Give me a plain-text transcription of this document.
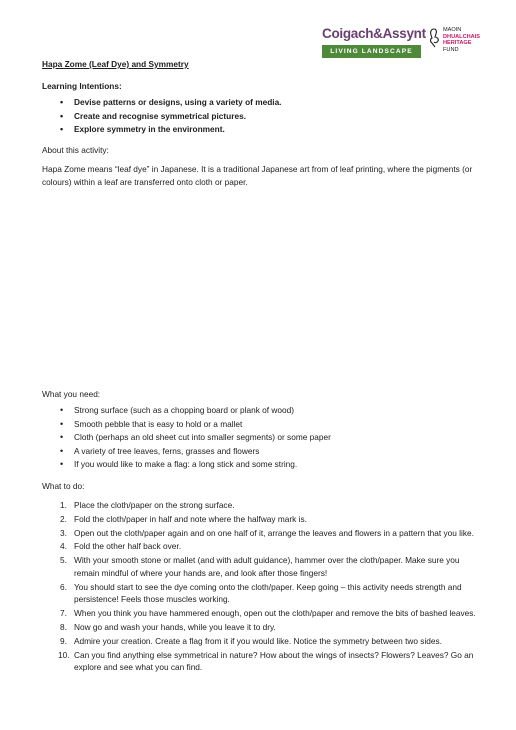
Coigach&Assynt
LIVING LANDSCAPE
MAOIN
DHUALCHAIS
HERITAGE
FUND
Hapa Zome (Leaf Dye) and Symmetry
Learning Intentions:
• Devise patterns or designs, using a variety of media.
• Create and recognise symmetrical pictures.
• Explore symmetry in the environment.
About this activity:
Hapa Zome means “leaf dye” in Japanese. It is a traditional Japanese art from of leaf printing, where the pigments (or colours) within a leaf are transferred onto cloth or paper.
What you need:
• Strong surface (such as a chopping board or plank of wood)
• Smooth pebble that is easy to hold or a mallet
• Cloth (perhaps an old sheet cut into smaller segments) or some paper
• A variety of tree leaves, ferns, grasses and flowers
• If you would like to make a flag: a long stick and some string.
What to do:
1. Place the cloth/paper on the strong surface.
2. Fold the cloth/paper in half and note where the halfway mark is.
3. Open out the cloth/paper again and on one half of it, arrange the leaves and flowers in a pattern that you like.
4. Fold the other half back over.
5. With your smooth stone or mallet (and with adult guidance), hammer over the cloth/paper. Make sure you remain mindful of where your hands are, and look after those fingers!
6. You should start to see the dye coming onto the cloth/paper. Keep going – this activity needs strength and persistence! Feels those muscles working.
7. When you think you have hammered enough, open out the cloth/paper and remove the bits of bashed leaves.
8. Now go and wash your hands, while you leave it to dry.
9. Admire your creation. Create a flag from it if you would like. Notice the symmetry between two sides.
10. Can you find anything else symmetrical in nature? How about the wings of insects? Flowers? Leaves? Go an explore and see what you can find.
